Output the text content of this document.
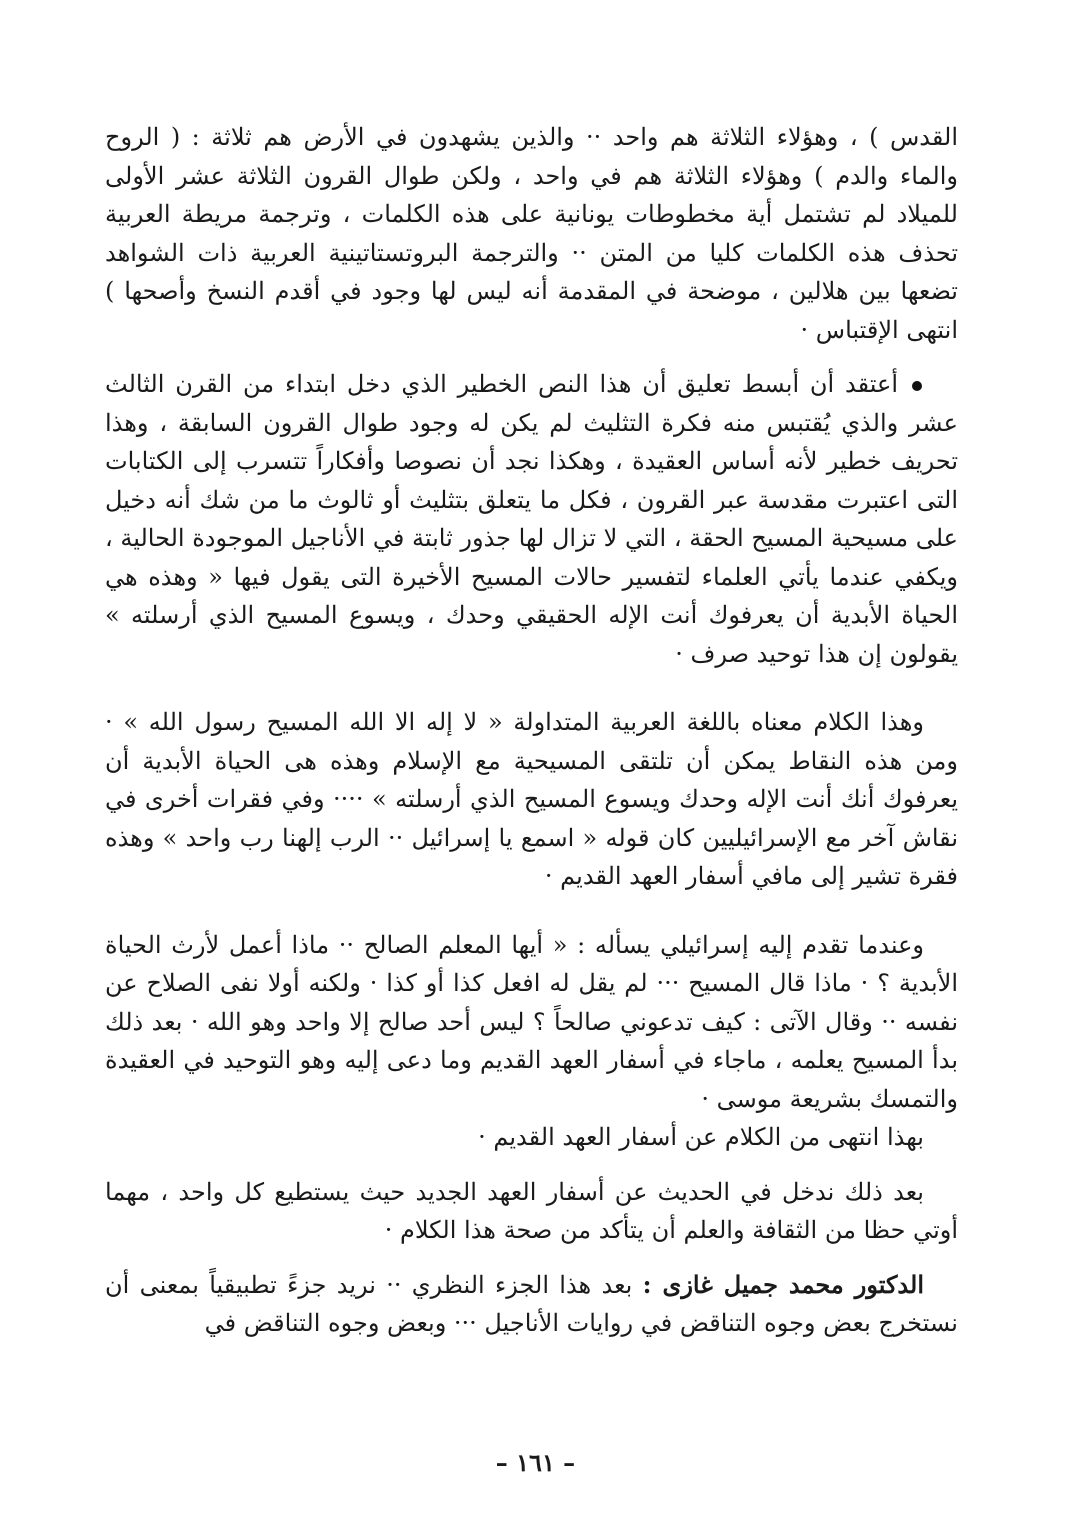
القدس ) ، وهؤلاء الثلاثة هم واحد ·· والذين يشهدون في الأرض هم ثلاثة : ( الروح والماء والدم ) وهؤلاء الثلاثة هم في واحد ، ولكن طوال القرون الثلاثة عشر الأولى للميلاد لم تشتمل أية مخطوطات يونانية على هذه الكلمات ، وترجمة مريطة العربية تحذف هذه الكلمات كليا من المتن ·· والترجمة البروتستاتينية العربية ذات الشواهد تضعها بين هلالين ، موضحة في المقدمة أنه ليس لها وجود في أقدم النسخ وأصحها ) انتهى الإقتباس ·

أعتقد أن أبسط تعليق أن هذا النص الخطير الذي دخل ابتداء من القرن الثالث عشر والذي يُقتبس منه فكرة التثليث لم يكن له وجود طوال القرون السابقة ، وهذا تحريف خطير لأنه أساس العقيدة ، وهكذا نجد أن نصوصا وأفكاراً تتسرب إلى الكتابات التى اعتبرت مقدسة عبر القرون ، فكل ما يتعلق بتثليث أو ثالوث ما من شك أنه دخيل على مسيحية المسيح الحقة ، التي لا تزال لها جذور ثابتة في الأناجيل الموجودة الحالية ، ويكفي عندما يأتي العلماء لتفسير حالات المسيح الأخيرة التى يقول فيها « وهذه هي الحياة الأبدية أن يعرفوك أنت الإله الحقيقي وحدك ، ويسوع المسيح الذي أرسلته » يقولون إن هذا توحيد صرف ·

وهذا الكلام معناه باللغة العربية المتداولة « لا إله الا الله المسيح رسول الله » · ومن هذه النقاط يمكن أن تلتقى المسيحية مع الإسلام وهذه هى الحياة الأبدية أن يعرفوك أنك أنت الإله وحدك ويسوع المسيح الذي أرسلته » ···· وفي فقرات أخرى في نقاش آخر مع الإسرائيليين كان قوله « اسمع يا إسرائيل ·· الرب إلهنا رب واحد » وهذه فقرة تشير إلى مافي أسفار العهد القديم ·

وعندما تقدم إليه إسرائيلي يسأله : « أيها المعلم الصالح ·· ماذا أعمل لأرث الحياة الأبدية ؟ · ماذا قال المسيح ··· لم يقل له افعل كذا أو كذا · ولكنه أولا نفى الصلاح عن نفسه ·· وقال الآتى : كيف تدعوني صالحاً ؟ ليس أحد صالح إلا واحد وهو الله · بعد ذلك بدأ المسيح يعلمه ، ماجاء في أسفار العهد القديم وما دعى إليه وهو التوحيد في العقيدة والتمسك بشريعة موسى ·

بهذا انتهى من الكلام عن أسفار العهد القديم ·

بعد ذلك ندخل في الحديث عن أسفار العهد الجديد حيث يستطيع كل واحد ، مهما أوتي حظا من الثقافة والعلم أن يتأكد من صحة هذا الكلام ·

الدكتور محمد جميل غازى : بعد هذا الجزء النظري ·· نريد جزءً تطبيقياً بمعنى أن نستخرج بعض وجوه التناقض في روايات الأناجيل ··· وبعض وجوه التناقض في

– ١٦١ –
